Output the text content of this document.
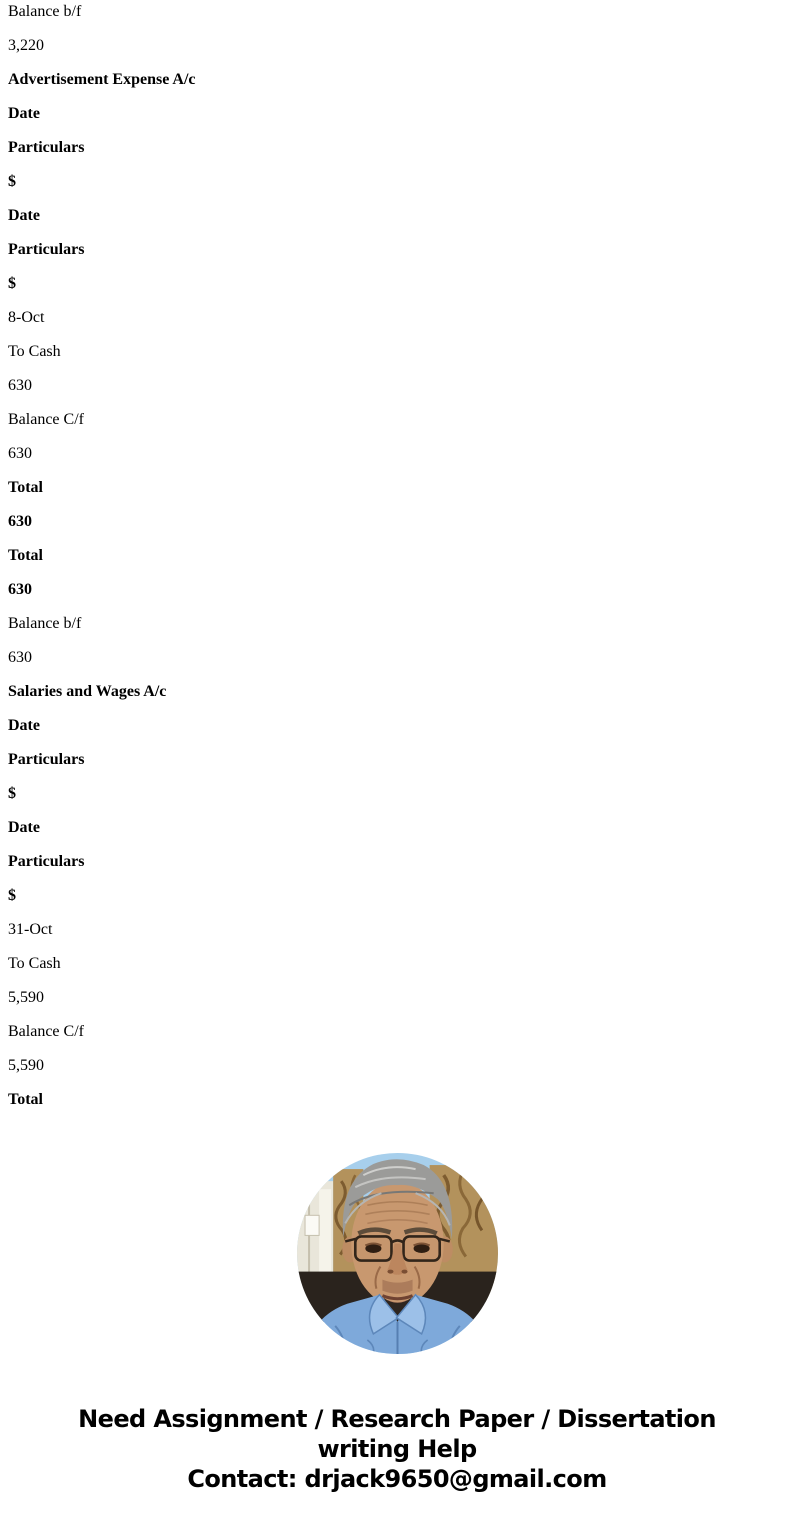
Balance b/f

3,220

Advertisement Expense A/c

Date

Particulars

$

Date

Particulars

$

8-Oct

To Cash

630

Balance C/f

630

Total

630

Total

630

Balance b/f

630

Salaries and Wages A/c

Date

Particulars

$

Date

Particulars

$

31-Oct

To Cash

5,590

Balance C/f

5,590

Total

Need Assignment / Research Paper / Dissertation
writing Help
Contact: drjack9650@gmail.com
